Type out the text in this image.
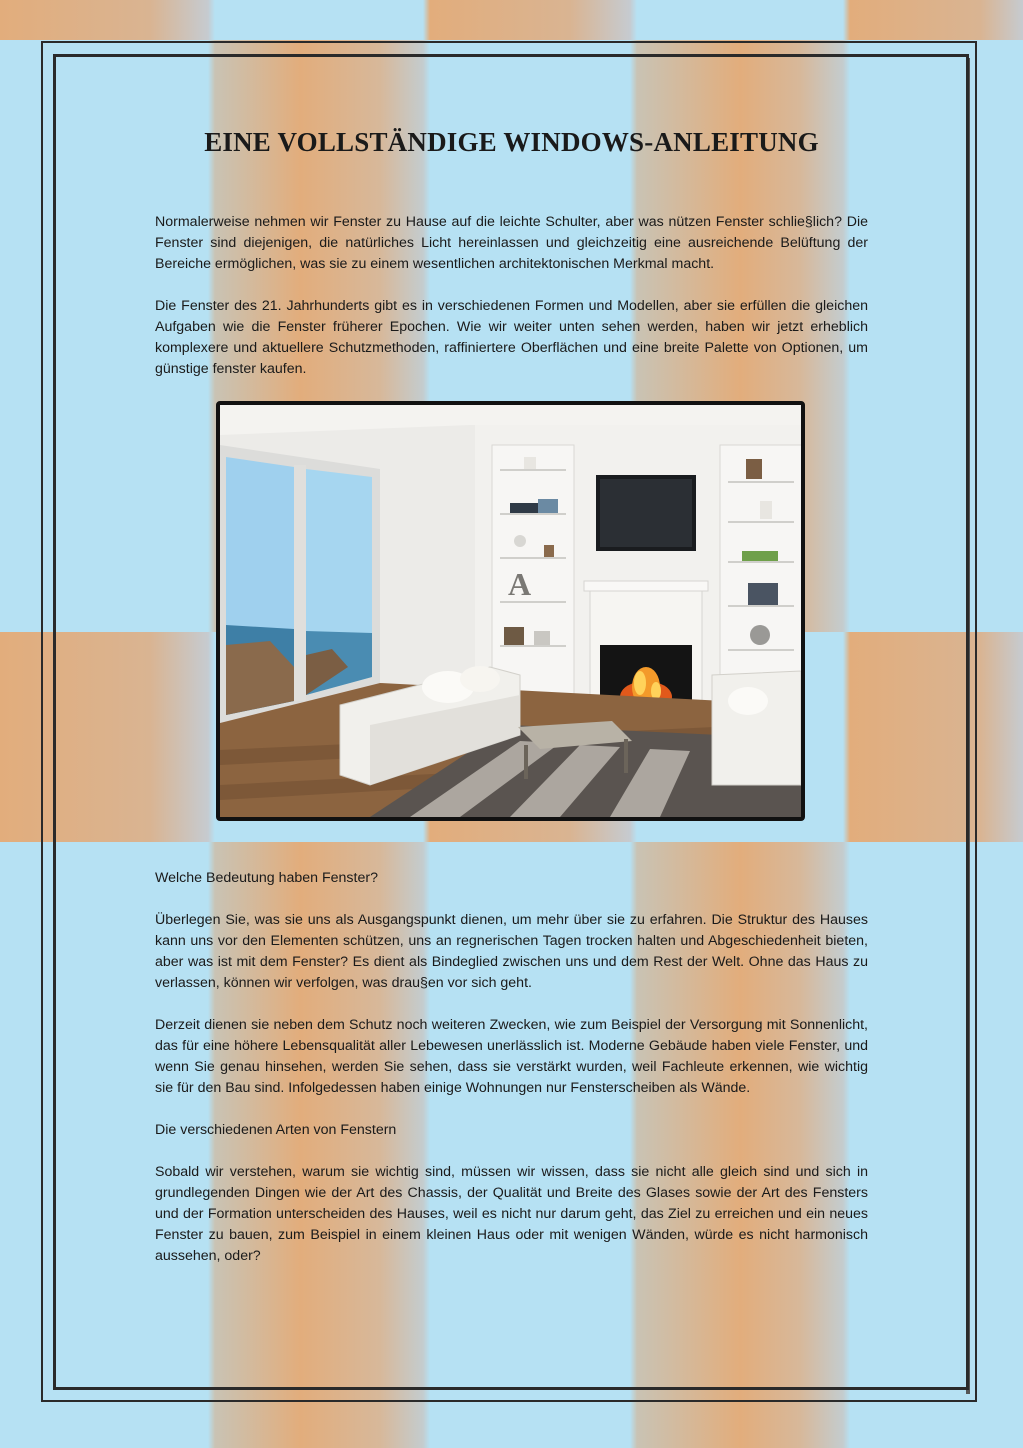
EINE VOLLSTÄNDIGE WINDOWS-ANLEITUNG

Normalerweise nehmen wir Fenster zu Hause auf die leichte Schulter, aber was nützen Fenster schlie§lich? Die Fenster sind diejenigen, die natürliches Licht hereinlassen und gleichzeitig eine ausreichende Belüftung der Bereiche ermöglichen, was sie zu einem wesentlichen architektonischen Merkmal macht.

Die Fenster des 21. Jahrhunderts gibt es in verschiedenen Formen und Modellen, aber sie erfüllen die gleichen Aufgaben wie die Fenster früherer Epochen. Wie wir weiter unten sehen werden, haben wir jetzt erheblich komplexere und aktuellere Schutzmethoden, raffiniertere Oberflächen und eine breite Palette von Optionen, um günstige fenster kaufen.

A

Welche Bedeutung haben Fenster?

Überlegen Sie, was sie uns als Ausgangspunkt dienen, um mehr über sie zu erfahren. Die Struktur des Hauses kann uns vor den Elementen schützen, uns an regnerischen Tagen trocken halten und Abgeschiedenheit bieten, aber was ist mit dem Fenster? Es dient als Bindeglied zwischen uns und dem Rest der Welt. Ohne das Haus zu verlassen, können wir verfolgen, was drau§en vor sich geht.

Derzeit dienen sie neben dem Schutz noch weiteren Zwecken, wie zum Beispiel der Versorgung mit Sonnenlicht, das für eine höhere Lebensqualität aller Lebewesen unerlässlich ist. Moderne Gebäude haben viele Fenster, und wenn Sie genau hinsehen, werden Sie sehen, dass sie verstärkt wurden, weil Fachleute erkennen, wie wichtig sie für den Bau sind. Infolgedessen haben einige Wohnungen nur Fensterscheiben als Wände.

Die verschiedenen Arten von Fenstern

Sobald wir verstehen, warum sie wichtig sind, müssen wir wissen, dass sie nicht alle gleich sind und sich in grundlegenden Dingen wie der Art des Chassis, der Qualität und Breite des Glases sowie der Art des Fensters und der Formation unterscheiden des Hauses, weil es nicht nur darum geht, das Ziel zu erreichen und ein neues Fenster zu bauen, zum Beispiel in einem kleinen Haus oder mit wenigen Wänden, würde es nicht harmonisch aussehen, oder?
